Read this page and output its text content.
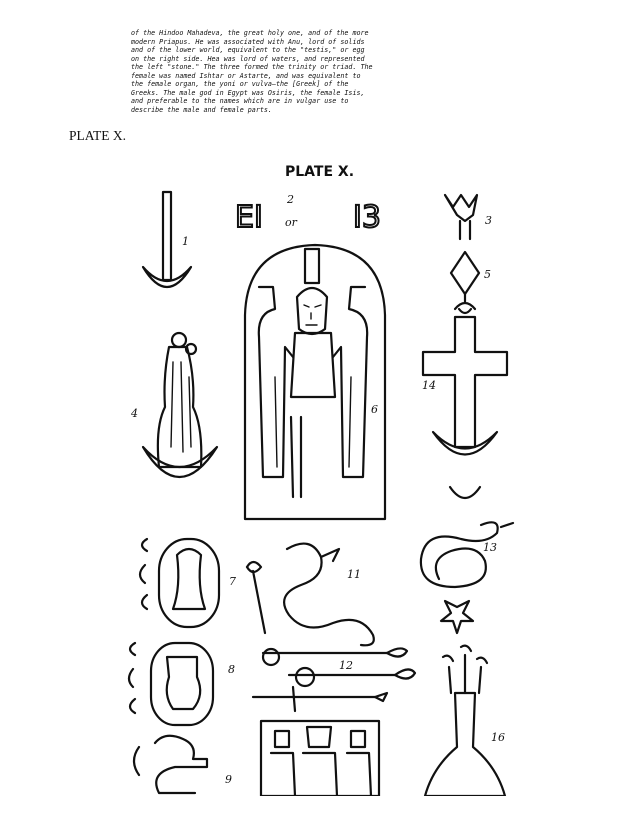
of the Hindoo Mahadeva, the great holy one, and of the more
modern Priapus. He was associated with Anu, lord of solids
and of the lower world, equivalent to the "testis," or egg
on the right side. Hea was lord of waters, and represented
the left "stone." The three formed the trinity or triad. The
female was named Ishtar or Astarte, and was equivalent to
the female organ, the yoni or vulva—the [Greek] of the
Greeks. The male god in Egypt was Osiris, the female Isis,
and preferable to the names which are in vulgar use to
describe the male and female parts.
PLATE X.
PLATE X.
1
EI	I3
2
or	3
5
4	6
14
7
11
13
8	12
16
9
